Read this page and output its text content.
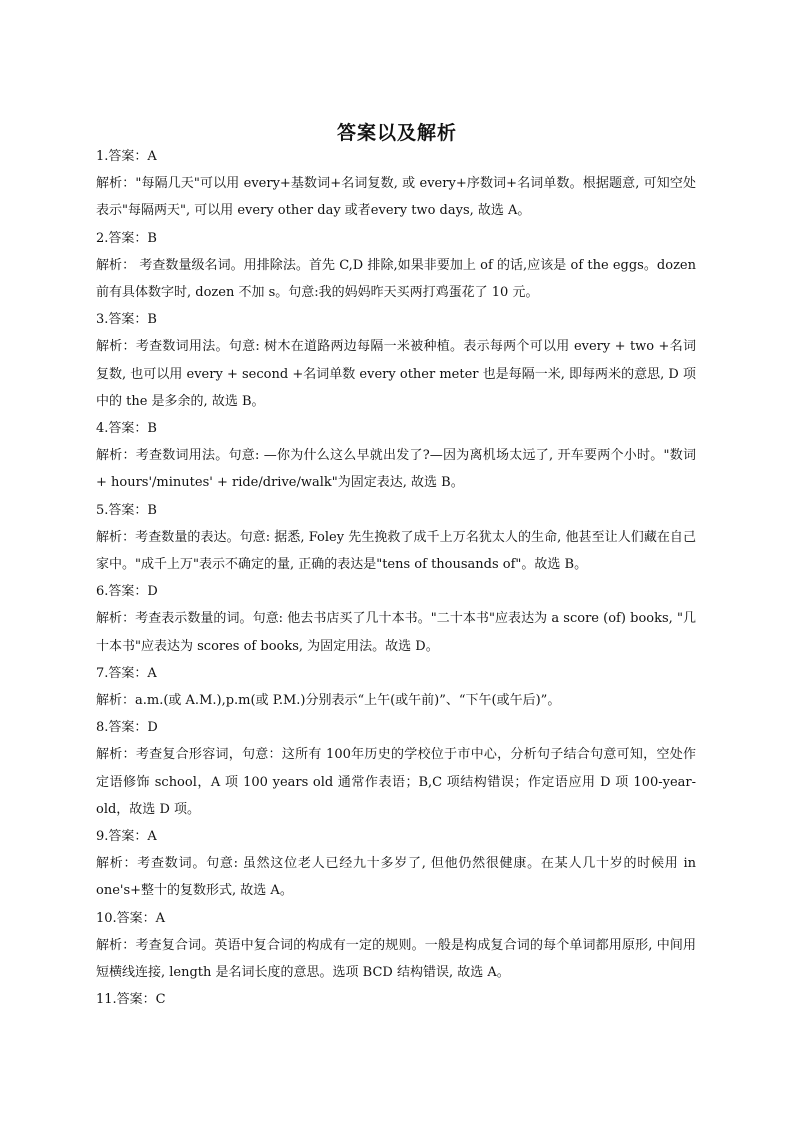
答案以及解析

1.答案：A

解析："每隔几天"可以用 every+基数词+名词复数, 或 every+序数词+名词单数。根据题意, 可知空处表示"每隔两天", 可以用 every other day 或者every two days, 故选 A。

2.答案：B

解析： 考查数量级名词。用排除法。首先 C,D 排除,如果非要加上 of 的话,应该是 of the eggs。dozen 前有具体数字时, dozen 不加 s。句意:我的妈妈昨天买两打鸡蛋花了 10 元。

3.答案：B

解析：考查数词用法。句意: 树木在道路两边每隔一米被种植。表示每两个可以用 every + two +名词复数, 也可以用 every + second +名词单数 every other meter 也是每隔一米, 即每两米的意思, D 项中的 the 是多余的, 故选 B。

4.答案：B

解析：考查数词用法。句意: —你为什么这么早就出发了?—因为离机场太远了, 开车要两个小时。"数词 + hours'/minutes' + ride/drive/walk"为固定表达, 故选 B。

5.答案：B

解析：考查数量的表达。句意: 据悉, Foley 先生挽救了成千上万名犹太人的生命, 他甚至让人们藏在自己家中。"成千上万"表示不确定的量, 正确的表达是"tens of thousands of"。故选 B。

6.答案：D

解析：考查表示数量的词。句意: 他去书店买了几十本书。"二十本书"应表达为 a score (of) books, "几十本书"应表达为 scores of books, 为固定用法。故选 D。

7.答案：A

解析：a.m.(或 A.M.),p.m(或 P.M.)分别表示“上午(或午前)”、“下午(或午后)”。

8.答案：D

解析：考查复合形容词，句意：这所有 100年历史的学校位于市中心，分析句子结合句意可知，空处作定语修饰 school，A 项 100 years old 通常作表语；B,C 项结构错误；作定语应用 D 项 100-year-old，故选 D 项。

9.答案：A

解析：考查数词。句意: 虽然这位老人已经九十多岁了, 但他仍然很健康。在某人几十岁的时候用 in one's+整十的复数形式, 故选 A。

10.答案：A

解析：考查复合词。英语中复合词的构成有一定的规则。一般是构成复合词的每个单词都用原形, 中间用短横线连接, length 是名词长度的意思。选项 BCD 结构错误, 故选 A。

11.答案：C
